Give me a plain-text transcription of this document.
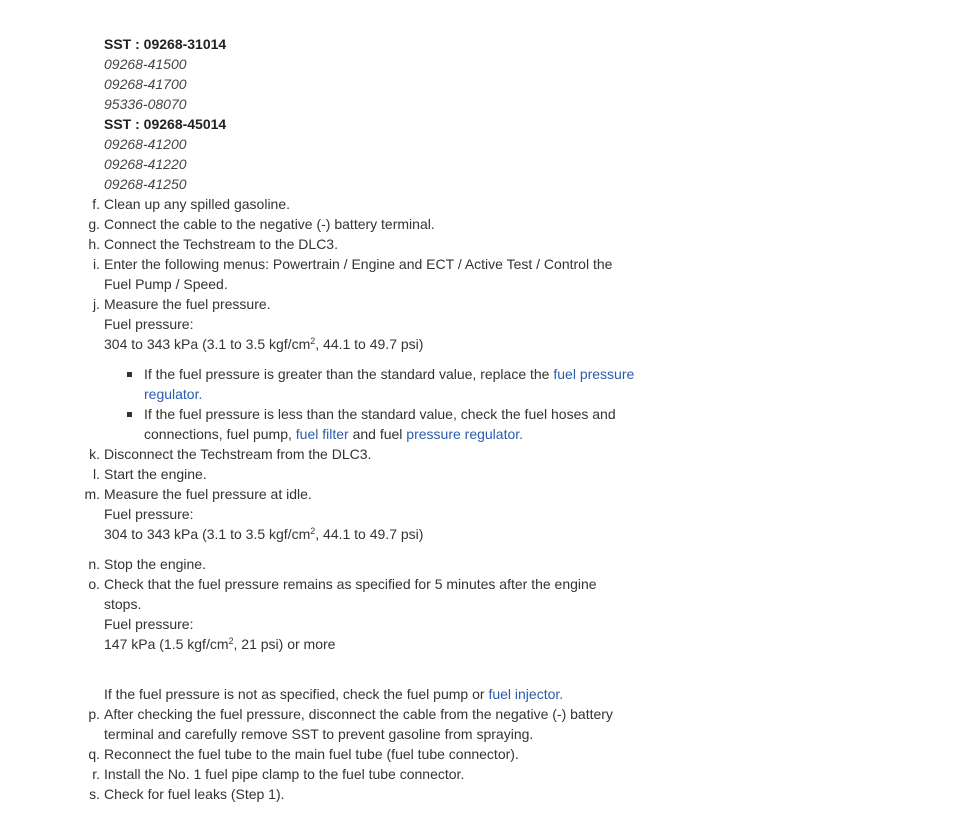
SST : 09268-31014
09268-41500
09268-41700
95336-08070
SST : 09268-45014
09268-41200
09268-41220
09268-41250
f. Clean up any spilled gasoline.
g. Connect the cable to the negative (-) battery terminal.
h. Connect the Techstream to the DLC3.
i. Enter the following menus: Powertrain / Engine and ECT / Active Test / Control the
Fuel Pump / Speed.
j. Measure the fuel pressure.
Fuel pressure:
304 to 343 kPa (3.1 to 3.5 kgf/$cm^2$, 44.1 to 49.7 psi)
If the fuel pressure is greater than the standard value, replace the fuel pressure
regulator.
If the fuel pressure is less than the standard value, check the fuel hoses and
connections, fuel pump, fuel filter and fuel pressure regulator.
k. Disconnect the Techstream from the DLC3.
l. Start the engine.
m. Measure the fuel pressure at idle.
Fuel pressure:
304 to 343 kPa (3.1 to 3.5 kgf/$cm^2$, 44.1 to 49.7 psi)
n. Stop the engine.
o. Check that the fuel pressure remains as specified for 5 minutes after the engine
stops.
Fuel pressure:
147 kPa (1.5 kgf/$cm^2$, 21 psi) or more
If the fuel pressure is not as specified, check the fuel pump or fuel injector.
p. After checking the fuel pressure, disconnect the cable from the negative (-) battery
terminal and carefully remove SST to prevent gasoline from spraying.
q. Reconnect the fuel tube to the main fuel tube (fuel tube connector).
r. Install the No. 1 fuel pipe clamp to the fuel tube connector.
s. Check for fuel leaks (Step 1).
